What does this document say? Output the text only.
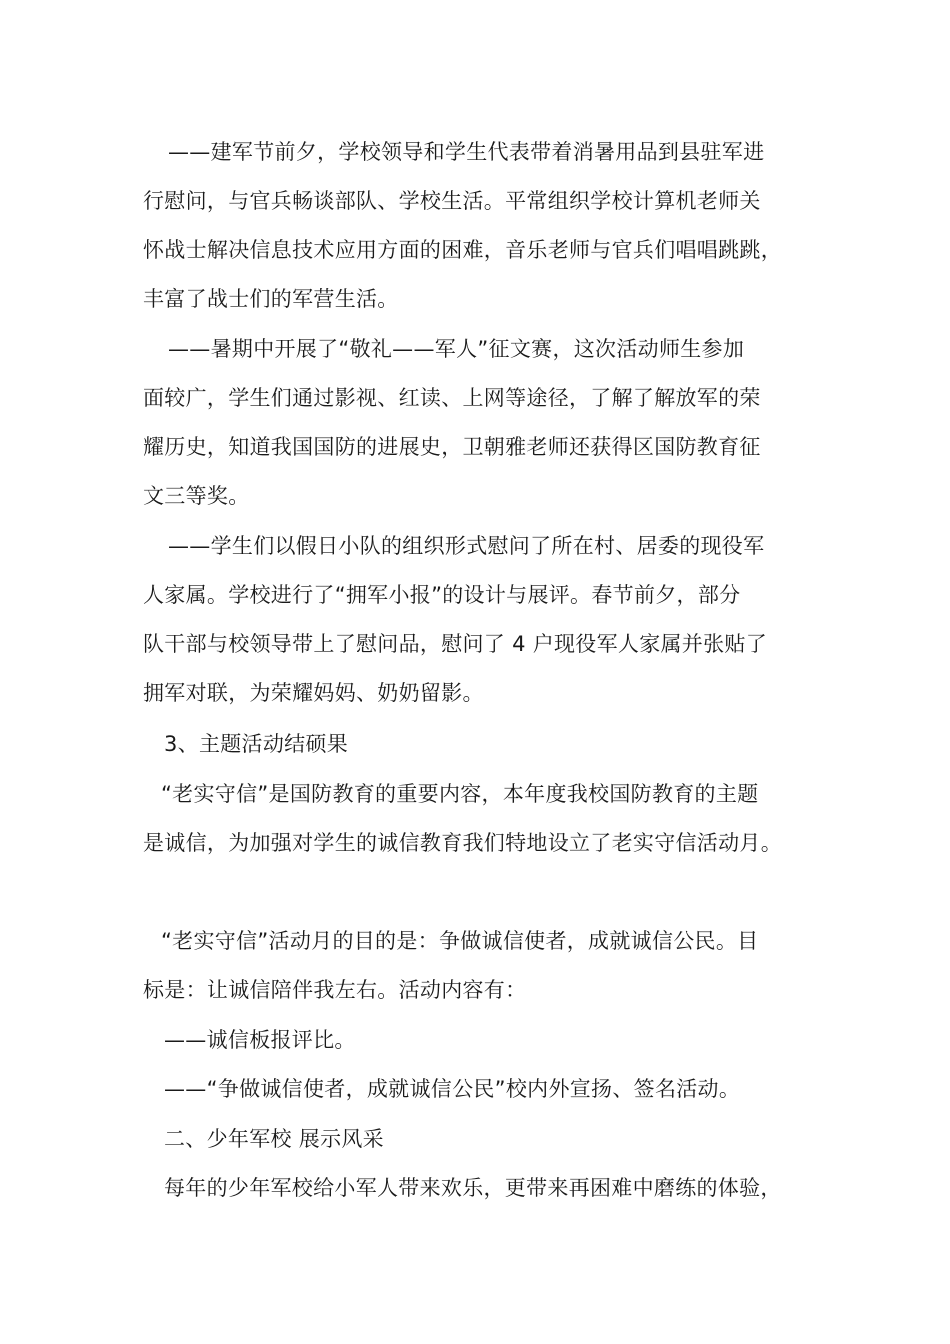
——建军节前夕，学校领导和学生代表带着消暑用品到县驻军进
行慰问，与官兵畅谈部队、学校生活。平常组织学校计算机老师关
怀战士解决信息技术应用方面的困难，音乐老师与官兵们唱唱跳跳，
丰富了战士们的军营生活。
——暑期中开展了“敬礼——军人”征文赛，这次活动师生参加
面较广，学生们通过影视、红读、上网等途径，了解了解放军的荣
耀历史，知道我国国防的进展史，卫朝雅老师还获得区国防教育征
文三等奖。
——学生们以假日小队的组织形式慰问了所在村、居委的现役军
人家属。学校进行了“拥军小报”的设计与展评。春节前夕，部分
队干部与校领导带上了慰问品，慰问了 4 户现役军人家属并张贴了
拥军对联，为荣耀妈妈、奶奶留影。
3、主题活动结硕果
“老实守信”是国防教育的重要内容，本年度我校国防教育的主题
是诚信，为加强对学生的诚信教育我们特地设立了老实守信活动月。
“老实守信”活动月的目的是：争做诚信使者，成就诚信公民。目
标是：让诚信陪伴我左右。活动内容有：
——诚信板报评比。
——“争做诚信使者，成就诚信公民”校内外宣扬、签名活动。
二、少年军校 展示风采
每年的少年军校给小军人带来欢乐，更带来再困难中磨练的体验，
